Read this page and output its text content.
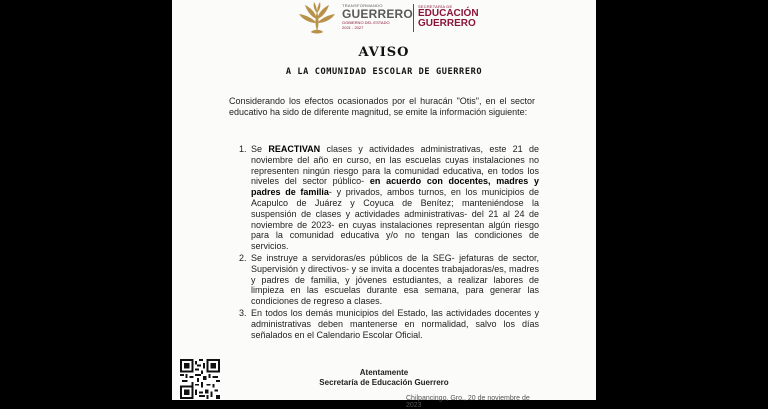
TRANSFORMANDO
GUERRERO
GOBIERNO DEL ESTADO
2021 - 2027
SECRETARÍA DE
EDUCACIÓN
GUERRERO
AVISO
A LA COMUNIDAD ESCOLAR DE GUERRERO
Considerando los efectos ocasionados por el huracán "Otis", en el sector educativo ha sido de diferente magnitud, se emite la información siguiente:
1. Se REACTIVAN clases y actividades administrativas, este 21 de noviembre del año en curso, en las escuelas cuyas instalaciones no representen ningún riesgo para la comunidad educativa, en todos los niveles del sector público- en acuerdo con docentes, madres y padres de familia- y privados, ambos turnos, en los municipios de Acapulco de Juárez y Coyuca de Benítez; manteniéndose la suspensión de clases y actividades administrativas- del 21 al 24 de noviembre de 2023- en cuyas instalaciones representan algún riesgo para la comunidad educativa y/o no tengan las condiciones de servicios.
2. Se instruye a servidoras/es públicos de la SEG- jefaturas de sector, Supervisión y directivos- y se invita a docentes trabajadoras/es, madres y padres de familia, y jóvenes estudiantes, a realizar labores de limpieza en las escuelas durante esa semana, para generar las condiciones de regreso a clases.
3. En todos los demás municipios del Estado, las actividades docentes y administrativas deben mantenerse en normalidad, salvo los días señalados en el Calendario Escolar Oficial.
Atentamente
Secretaría de Educación Guerrero
Chilpancingo, Gro., 20 de noviembre de 2023
